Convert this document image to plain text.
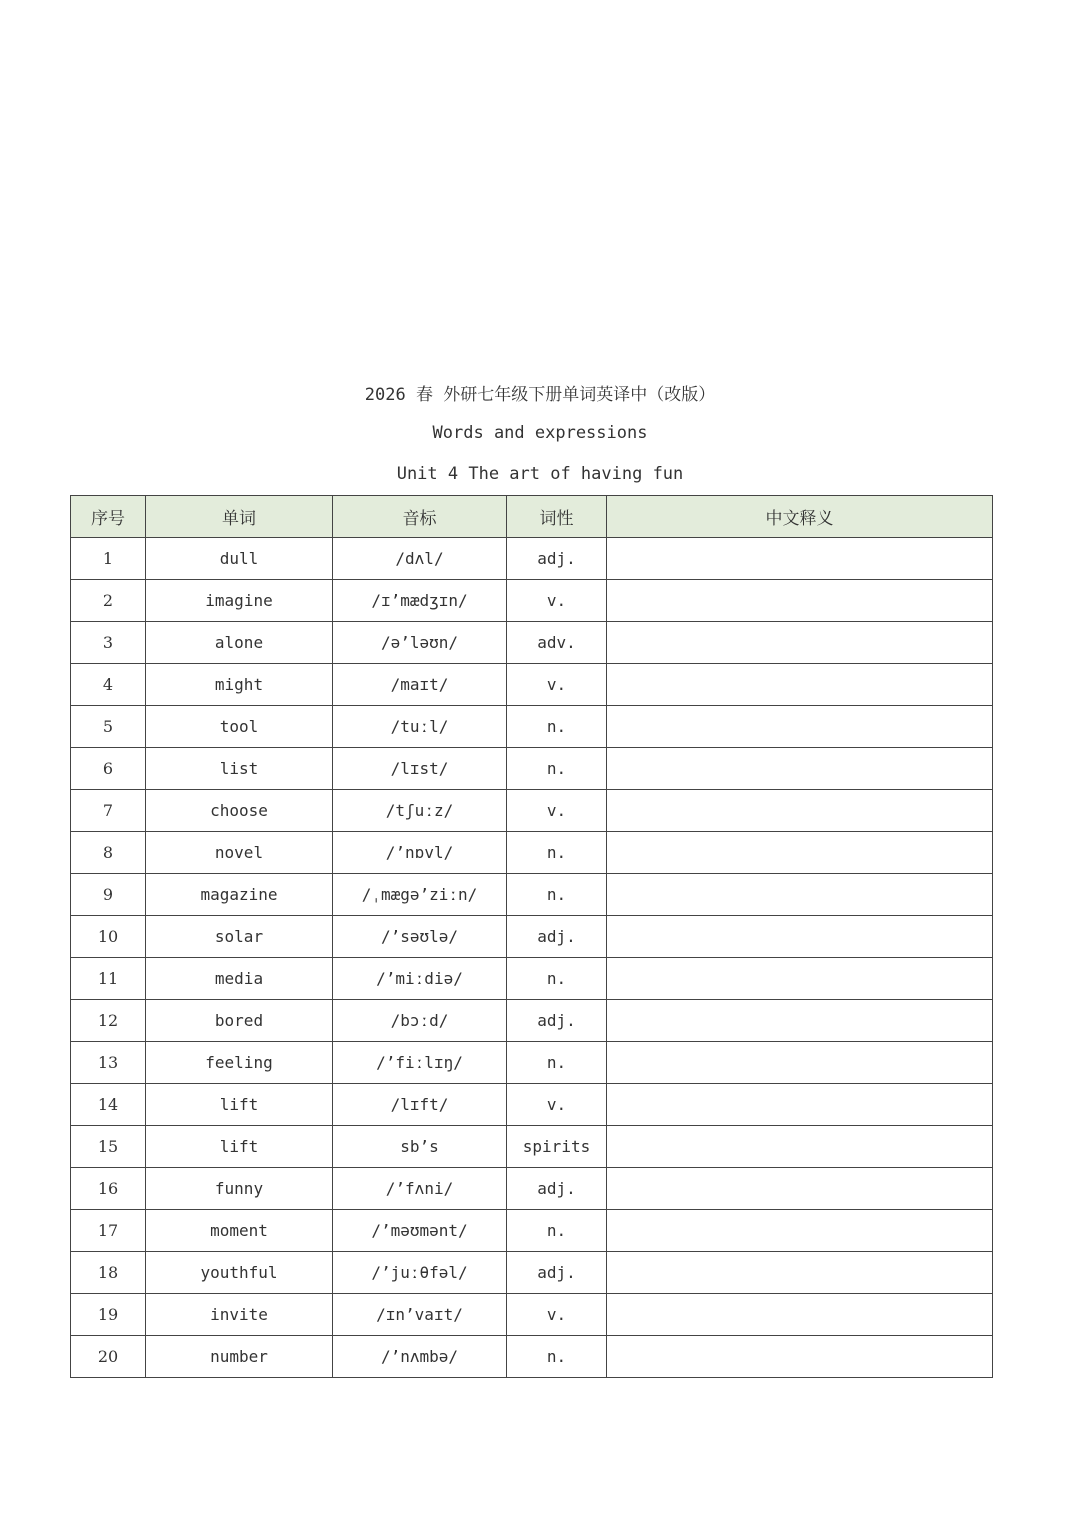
2026 春 外研七年级下册单词英译中（改版）
Words and expressions
Unit 4 The art of having fun
序号	单词	音标	词性	中文释义
1	dull	/dʌl/	adj.	
2	imagine	/ɪ’mædʒɪn/	v.	
3	alone	/ə’ləʊn/	adv.	
4	might	/maɪt/	v.	
5	tool	/tuːl/	n.	
6	list	/lɪst/	n.	
7	choose	/tʃuːz/	v.	
8	novel	/’nɒvl/	n.	
9	magazine	/ˌmægə’ziːn/	n.	
10	solar	/’səʊlə/	adj.	
11	media	/’miːdiə/	n.	
12	bored	/bɔːd/	adj.	
13	feeling	/’fiːlɪŋ/	n.	
14	lift	/lɪft/	v.	
15	lift	sb’s	spirits	
16	funny	/’fʌni/	adj.	
17	moment	/’məʊmənt/	n.	
18	youthful	/’juːθfəl/	adj.	
19	invite	/ɪn’vaɪt/	v.	
20	number	/’nʌmbə/	n.	
